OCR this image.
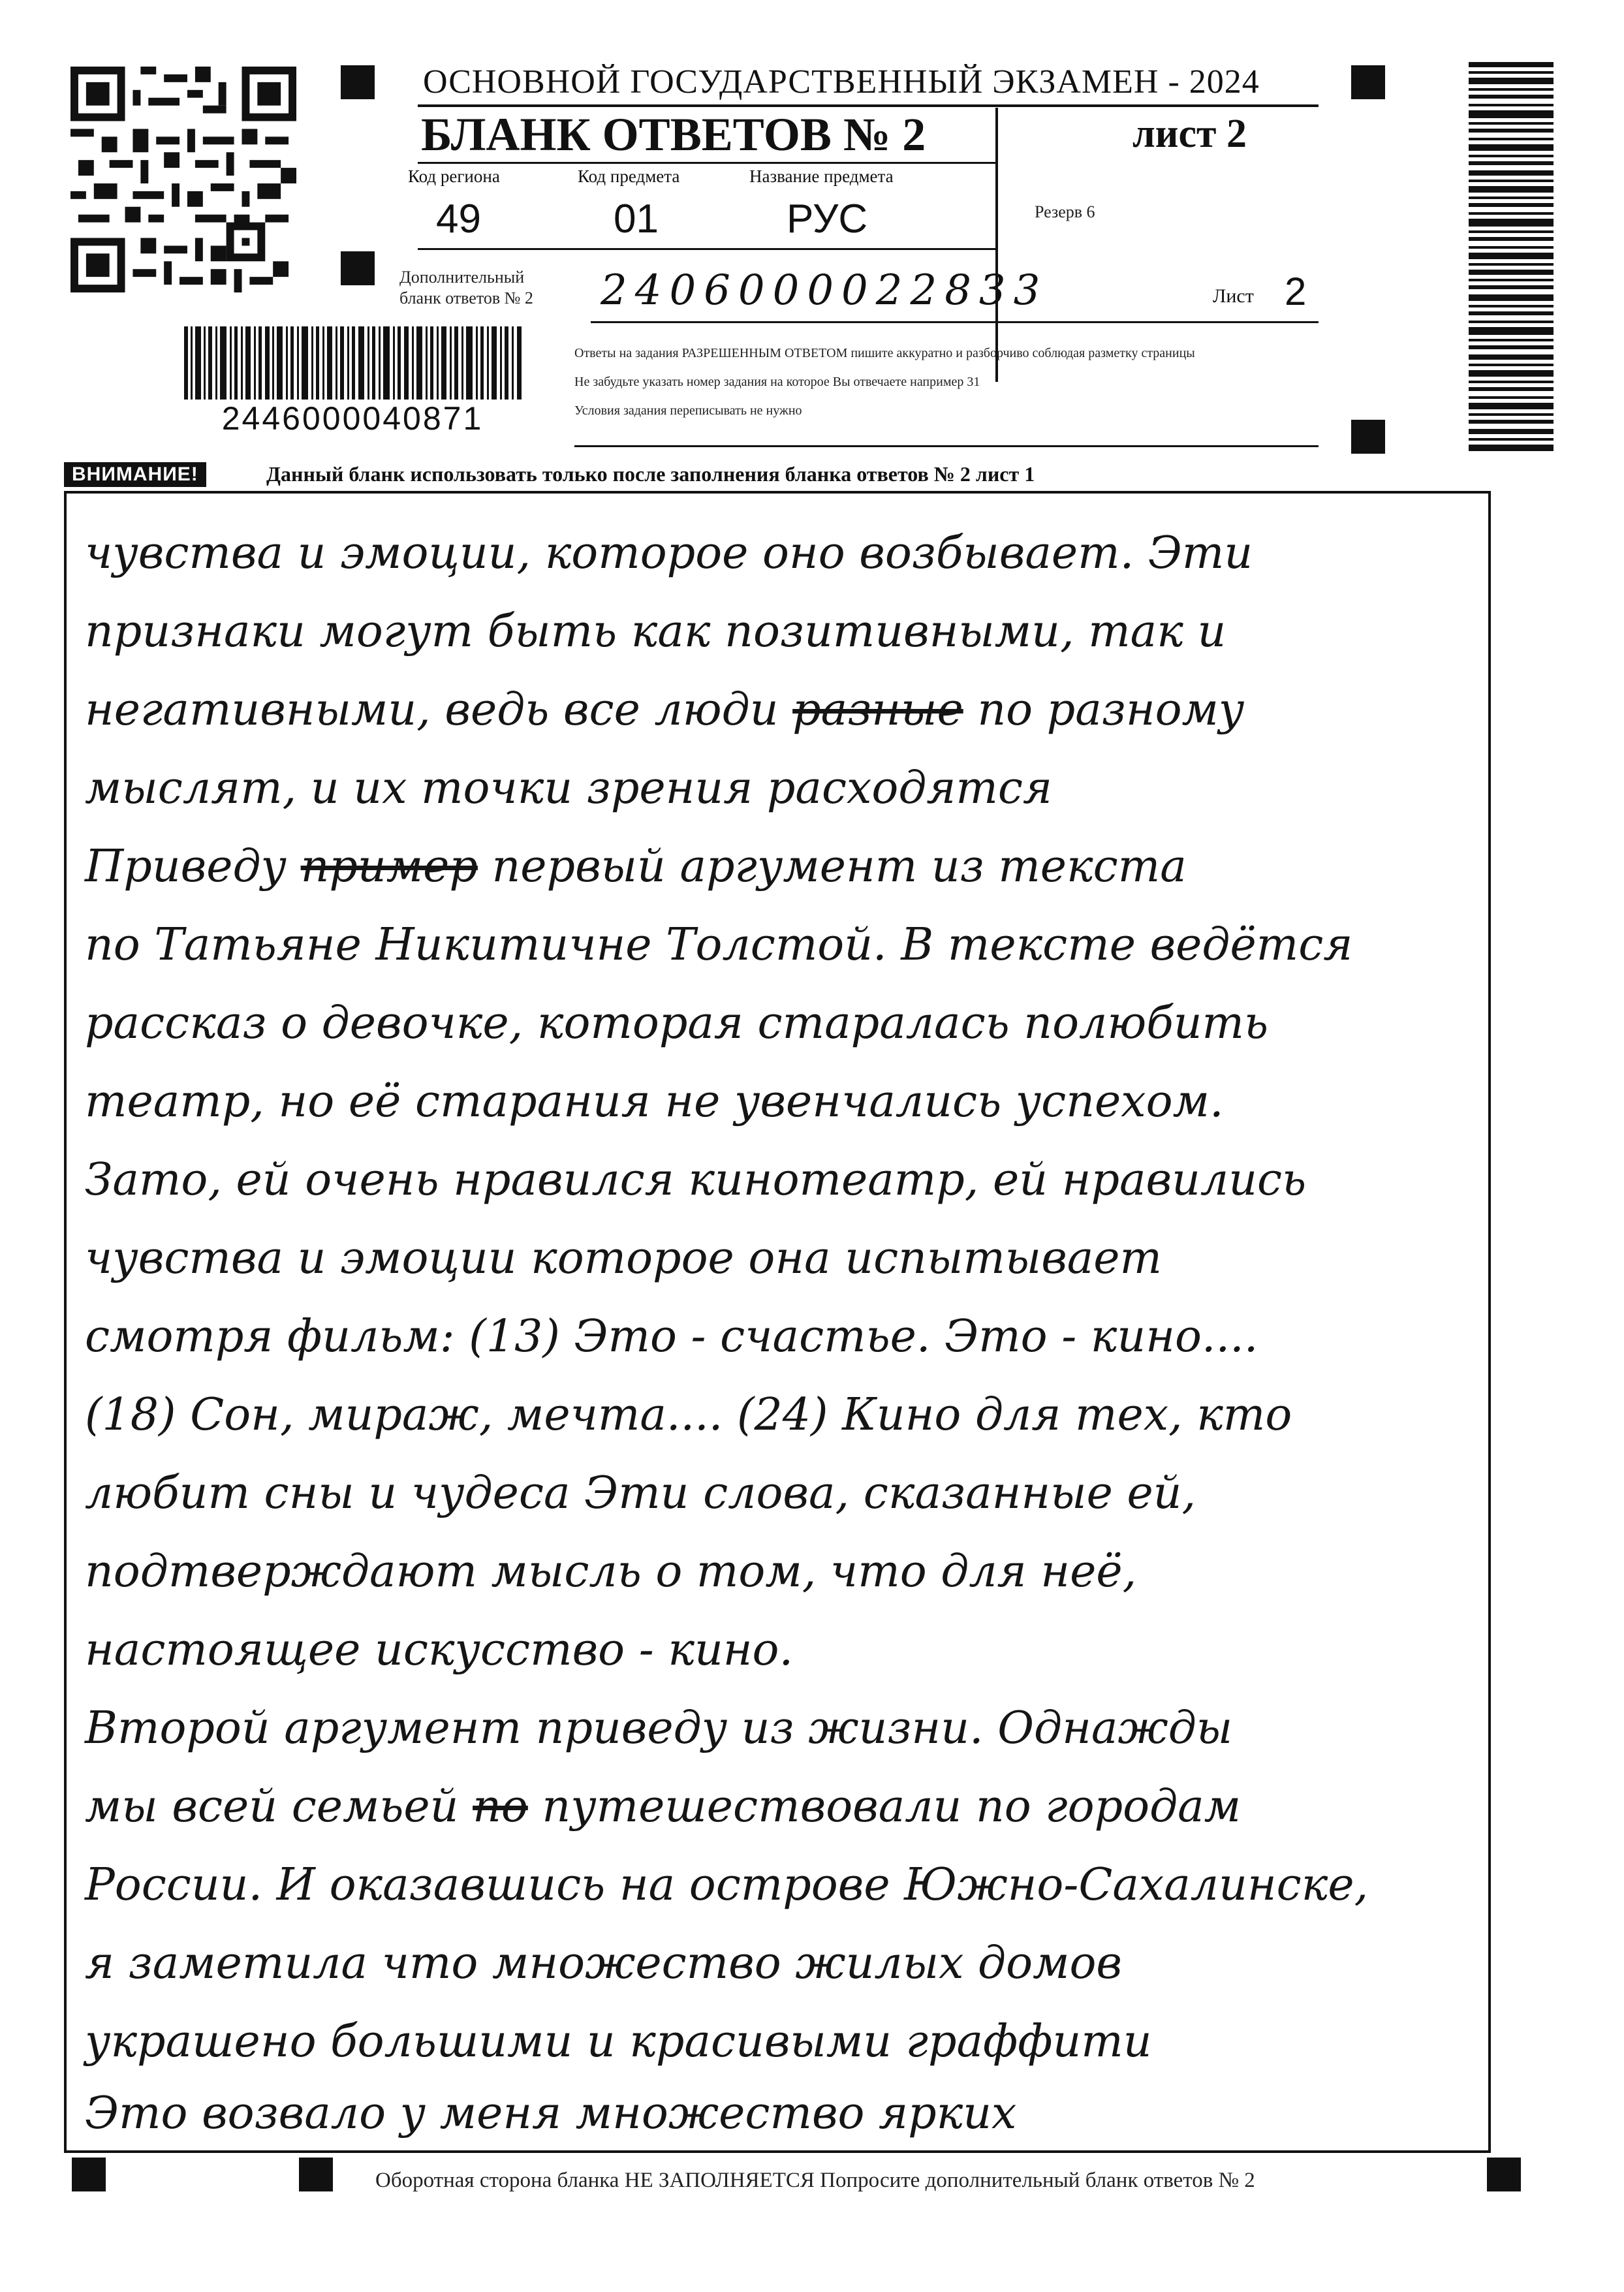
2446000040871
ОСНОВНОЙ ГОСУДАРСТВЕННЫЙ ЭКЗАМЕН - 2024
БЛАНК ОТВЕТОВ № 2	лист 2
Код региона
49
Код предмета
01
Название предмета
РУС	Резерв 6
Дополнительный
бланк ответов № 2 2406000022833	Лист 2
Ответы на задания РАЗРЕШЕННЫМ ОТВЕТОМ пишите аккуратно и разборчиво соблюдая разметку страницы
Не забудьте указать номер задания на которое Вы отвечаете например 31
Условия задания переписывать не нужно
ВНИМАНИЕ!	Данный бланк использовать только после заполнения бланка ответов № 2 лист 1
чувства и эмоции, которое оно возбывает. Эти
признаки могут быть как позитивными, так и
негативными, ведь все люди разные по разному
мыслят, и их точки зрения расходятся
Приведу пример первый аргумент из текста
по Татьяне Никитичне Толстой. В тексте ведётся
рассказ о девочке, которая старалась полюбить
театр, но её старания не увенчались успехом.
Зато, ей очень нравился кинотеатр, ей нравились
чувства и эмоции которое она испытывает
смотря фильм: (13) Это - счастье. Это - кино....
(18) Сон, мираж, мечта.... (24) Кино для тех, кто
любит сны и чудеса Эти слова, сказанные ей,
подтверждают мысль о том, что для неё,
настоящее искусство - кино.
Второй аргумент приведу из жизни. Однажды
мы всей семьей по путешествовали по городам
России. И оказавшись на острове Южно-Сахалинске,
я заметила что множество жилых домов
украшено большими и красивыми граффити
Это возвало у меня множество ярких
Оборотная сторона бланка НЕ ЗАПОЛНЯЕТСЯ Попросите дополнительный бланк ответов № 2
